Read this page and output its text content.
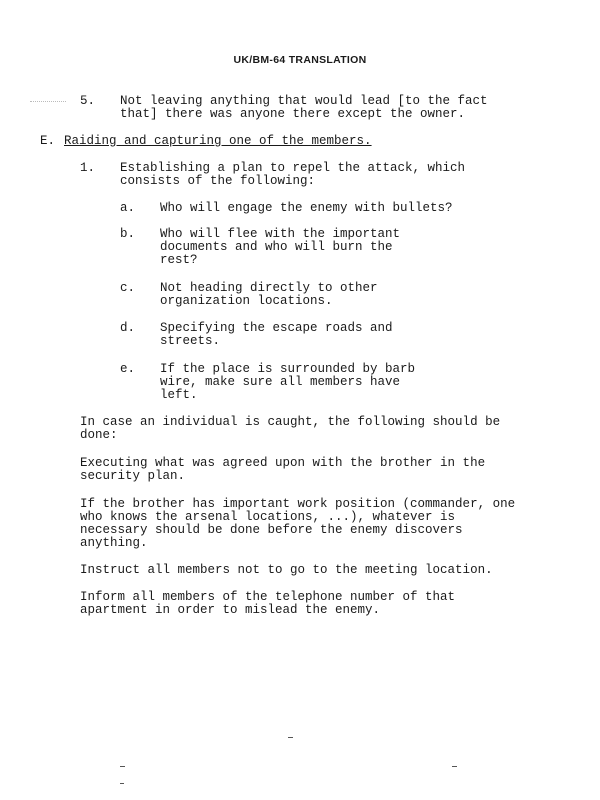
UK/BM-64 TRANSLATION
5.	Not leaving anything that would lead [to the fact
that] there was anyone there except the owner.
E. Raiding and capturing one of the members.
1.	Establishing a plan to repel the attack, which
consists of the following:
a.	Who will engage the enemy with bullets?
b.	Who will flee with the important
documents and who will burn the
rest?
c.	Not heading directly to other
organization locations.
d.	Specifying the escape roads and
streets.
e.	If the place is surrounded by barb
wire, make sure all members have
left.
In case an individual is caught, the following should be
done:
Executing what was agreed upon with the brother in the
security plan.
If the brother has important work position (commander, one
who knows the arsenal locations, ...), whatever is
necessary should be done before the enemy discovers
anything.
Instruct all members not to go to the meeting location.
Inform all members of the telephone number of that
apartment in order to mislead the enemy.
